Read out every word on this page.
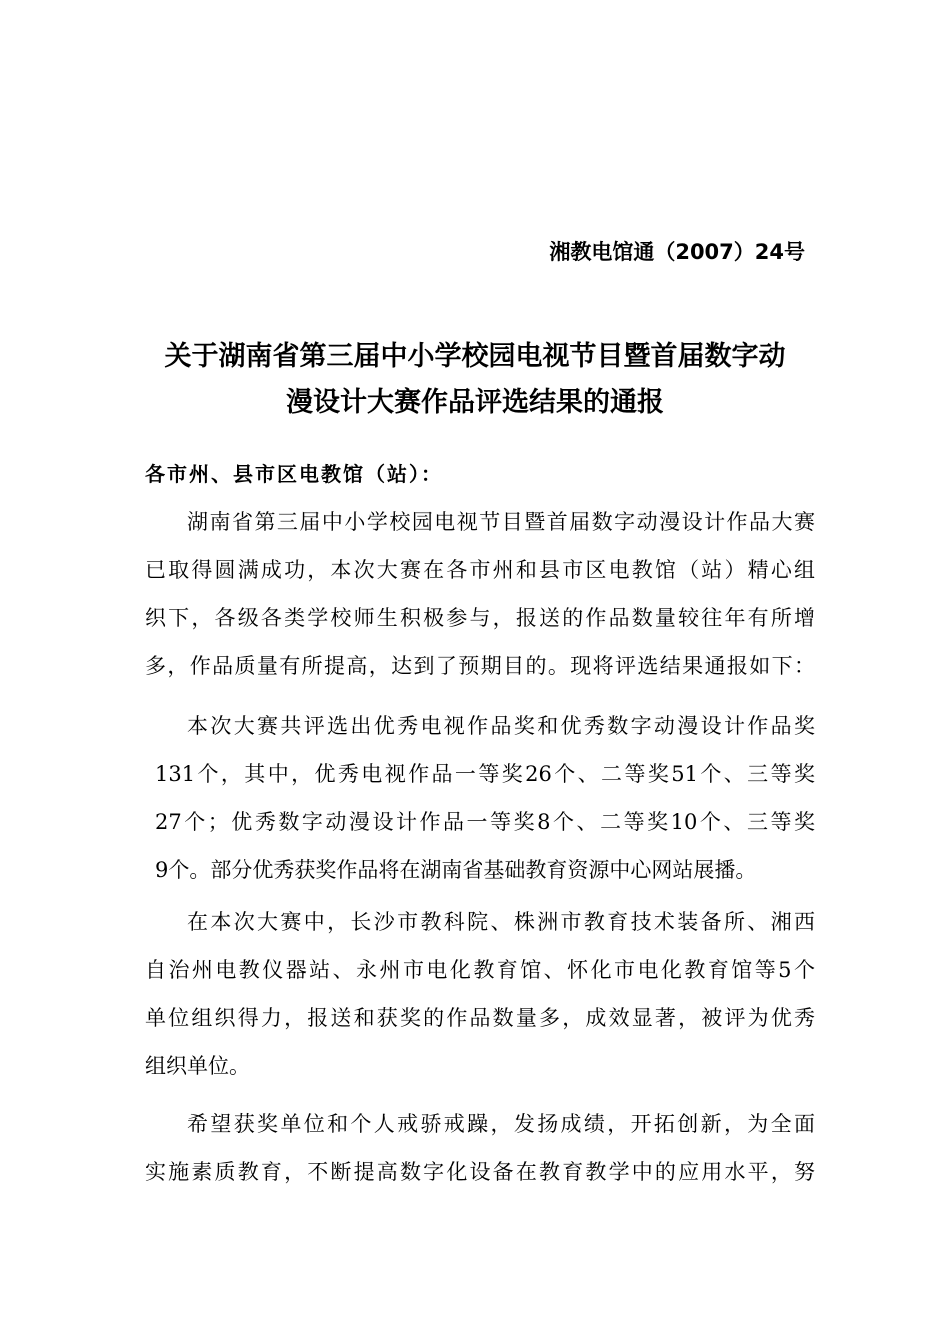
湘教电馆通（2007）24号
关于湖南省第三届中小学校园电视节目暨首届数字动
漫设计大赛作品评选结果的通报
各市州、县市区电教馆（站）：
湖南省第三届中小学校园电视节目暨首届数字动漫设计作品大赛
已取得圆满成功，本次大赛在各市州和县市区电教馆（站）精心组
织下，各级各类学校师生积极参与，报送的作品数量较往年有所增
多，作品质量有所提高，达到了预期目的。现将评选结果通报如下：
本次大赛共评选出优秀电视作品奖和优秀数字动漫设计作品奖
131个，其中，优秀电视作品一等奖26个、二等奖51个、三等奖
27个；优秀数字动漫设计作品一等奖8个、二等奖10个、三等奖
9个。部分优秀获奖作品将在湖南省基础教育资源中心网站展播。
在本次大赛中，长沙市教科院、株洲市教育技术装备所、湘西
自治州电教仪器站、永州市电化教育馆、怀化市电化教育馆等5个
单位组织得力，报送和获奖的作品数量多，成效显著，被评为优秀
组织单位。
希望获奖单位和个人戒骄戒躁，发扬成绩，开拓创新，为全面
实施素质教育，不断提高数字化设备在教育教学中的应用水平，努
